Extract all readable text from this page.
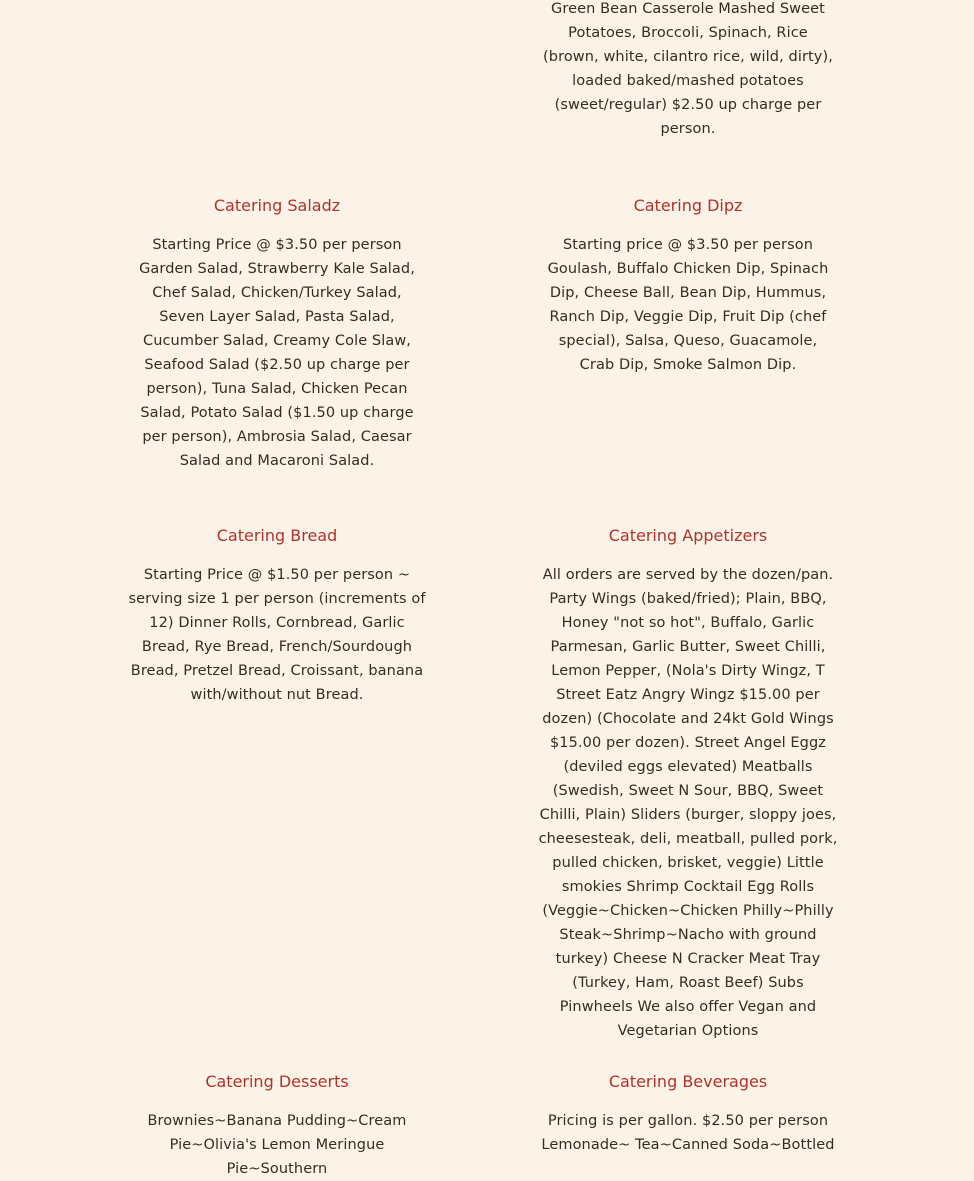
Green Bean Casserole Mashed Sweet Potatoes, Broccoli, Spinach, Rice (brown, white, cilantro rice, wild, dirty), loaded baked/mashed potatoes (sweet/regular) $2.50 up charge per person.

Catering Saladz

Starting Price @ $3.50 per person Garden Salad, Strawberry Kale Salad, Chef Salad, Chicken/Turkey Salad, Seven Layer Salad, Pasta Salad, Cucumber Salad, Creamy Cole Slaw, Seafood Salad ($2.50 up charge per person), Tuna Salad, Chicken Pecan Salad, Potato Salad ($1.50 up charge per person), Ambrosia Salad, Caesar Salad and Macaroni Salad.

Catering Dipz

Starting price @ $3.50 per person Goulash, Buffalo Chicken Dip, Spinach Dip, Cheese Ball, Bean Dip, Hummus, Ranch Dip, Veggie Dip, Fruit Dip (chef special), Salsa, Queso, Guacamole, Crab Dip, Smoke Salmon Dip.

Catering Bread

Starting Price @ $1.50 per person ~ serving size 1 per person (increments of 12) Dinner Rolls, Cornbread, Garlic Bread, Rye Bread, French/Sourdough Bread, Pretzel Bread, Croissant, banana with/without nut Bread.

Catering Appetizers

All orders are served by the dozen/pan. Party Wings (baked/fried); Plain, BBQ, Honey "not so hot", Buffalo, Garlic Parmesan, Garlic Butter, Sweet Chilli, Lemon Pepper, (Nola's Dirty Wingz, T Street Eatz Angry Wingz $15.00 per dozen) (Chocolate and 24kt Gold Wings $15.00 per dozen). Street Angel Eggz (deviled eggs elevated) Meatballs (Swedish, Sweet N Sour, BBQ, Sweet Chilli, Plain) Sliders (burger, sloppy joes, cheesesteak, deli, meatball, pulled pork, pulled chicken, brisket, veggie) Little smokies Shrimp Cocktail Egg Rolls (Veggie~Chicken~Chicken Philly~Philly Steak~Shrimp~Nacho with ground turkey) Cheese N Cracker Meat Tray (Turkey, Ham, Roast Beef) Subs Pinwheels We also offer Vegan and Vegetarian Options

Catering Desserts

Brownies~Banana Pudding~Cream Pie~Olivia's Lemon Meringue Pie~Southern

Catering Beverages

Pricing is per gallon. $2.50 per person Lemonade~ Tea~Canned Soda~Bottled
